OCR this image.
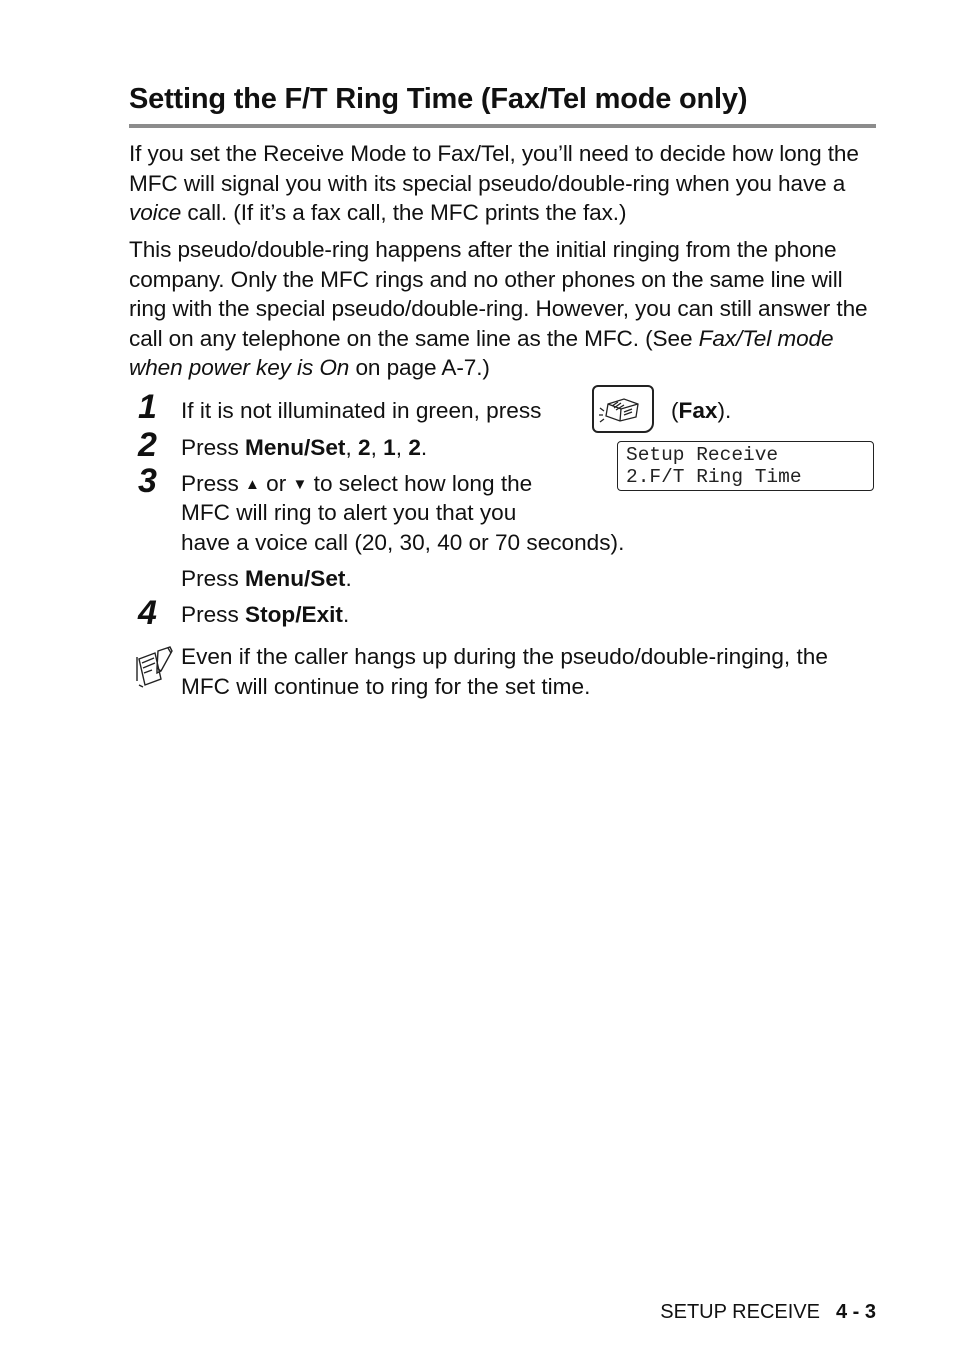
Setting the F/T Ring Time (Fax/Tel mode only)

If you set the Receive Mode to Fax/Tel, you’ll need to decide how long the MFC will signal you with its special pseudo/double-ring when you have a voice call. (If it’s a fax call, the MFC prints the fax.)

This pseudo/double-ring happens after the initial ringing from the phone company. Only the MFC rings and no other phones on the same line will ring with the special pseudo/double-ring. However, you can still answer the call on any telephone on the same line as the MFC. (See Fax/Tel mode when power key is On on page A-7.)

1 If it is not illuminated in green, press	(Fax).
2 Press Menu/Set, 2, 1, 2.	Setup Receive
2.F/T Ring Time
3 Press ▲ or ▼ to select how long the

MFC will ring to alert you that you

have a voice call (20, 30, 40 or 70 seconds).

Press Menu/Set.

4 Press Stop/Exit.

Even if the caller hangs up during the pseudo/double-ringing, the MFC will continue to ring for the set time.

SETUP RECEIVE 4 - 3
